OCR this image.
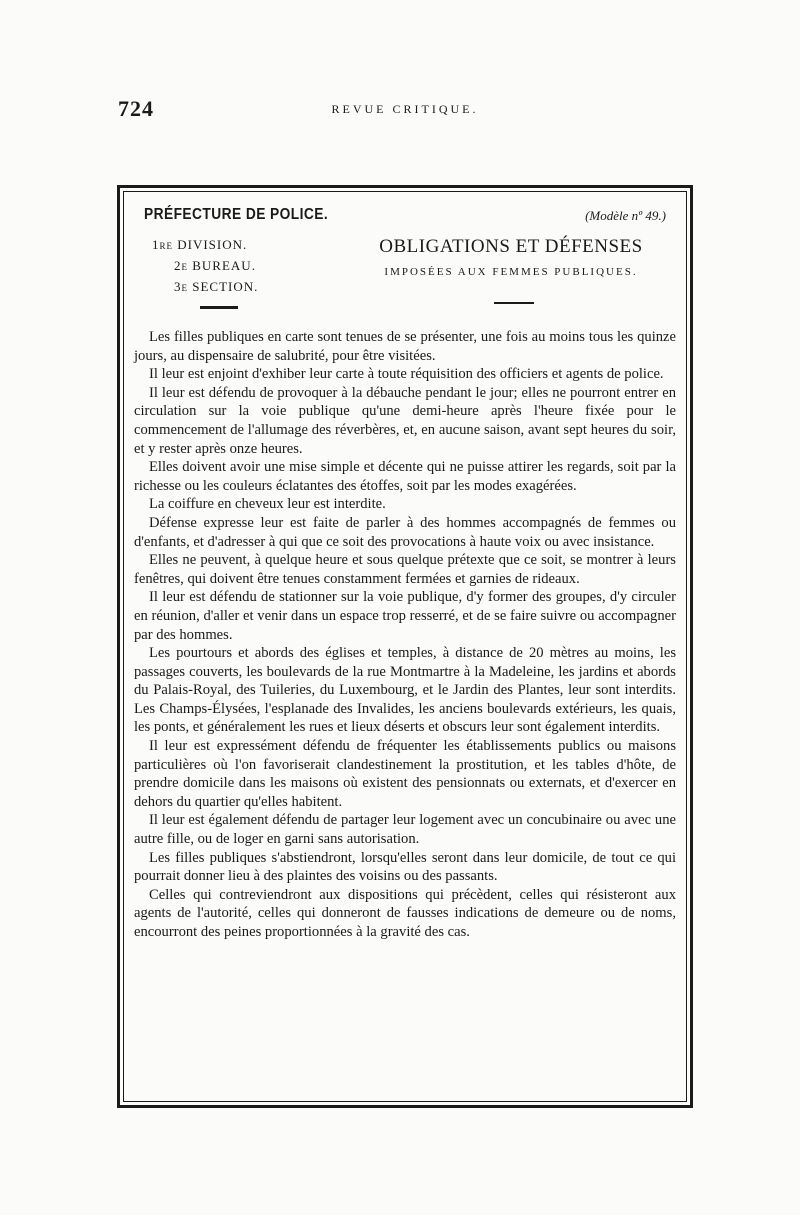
724	REVUE CRITIQUE.
PRÉFECTURE DE POLICE.	(Modèle nº 49.)
1re DIVISION.
2e BUREAU.
3e SECTION.
OBLIGATIONS ET DÉFENSES
IMPOSÉES AUX FEMMES PUBLIQUES.

Les filles publiques en carte sont tenues de se présenter, une fois au moins tous les quinze jours, au dispensaire de salubrité, pour être visitées.

Il leur est enjoint d'exhiber leur carte à toute réquisition des officiers et agents de police.

Il leur est défendu de provoquer à la débauche pendant le jour; elles ne pourront entrer en circulation sur la voie publique qu'une demi-heure après l'heure fixée pour le commencement de l'allumage des réverbères, et, en aucune saison, avant sept heures du soir, et y rester après onze heures.

Elles doivent avoir une mise simple et décente qui ne puisse attirer les regards, soit par la richesse ou les couleurs éclatantes des étoffes, soit par les modes exagérées.

La coiffure en cheveux leur est interdite.

Défense expresse leur est faite de parler à des hommes accompagnés de femmes ou d'enfants, et d'adresser à qui que ce soit des provocations à haute voix ou avec insistance.

Elles ne peuvent, à quelque heure et sous quelque prétexte que ce soit, se montrer à leurs fenêtres, qui doivent être tenues constamment fermées et garnies de rideaux.

Il leur est défendu de stationner sur la voie publique, d'y former des groupes, d'y circuler en réunion, d'aller et venir dans un espace trop resserré, et de se faire suivre ou accompagner par des hommes.

Les pourtours et abords des églises et temples, à distance de 20 mètres au moins, les passages couverts, les boulevards de la rue Montmartre à la Madeleine, les jardins et abords du Palais-Royal, des Tuileries, du Luxembourg, et le Jardin des Plantes, leur sont interdits. Les Champs-Élysées, l'esplanade des Invalides, les anciens boulevards extérieurs, les quais, les ponts, et généralement les rues et lieux déserts et obscurs leur sont également interdits.

Il leur est expressément défendu de fréquenter les établissements publics ou maisons particulières où l'on favoriserait clandestinement la prostitution, et les tables d'hôte, de prendre domicile dans les maisons où existent des pensionnats ou externats, et d'exercer en dehors du quartier qu'elles habitent.

Il leur est également défendu de partager leur logement avec un concubinaire ou avec une autre fille, ou de loger en garni sans autorisation.

Les filles publiques s'abstiendront, lorsqu'elles seront dans leur domicile, de tout ce qui pourrait donner lieu à des plaintes des voisins ou des passants.

Celles qui contreviendront aux dispositions qui précèdent, celles qui résisteront aux agents de l'autorité, celles qui donneront de fausses indications de demeure ou de noms, encourront des peines proportionnées à la gravité des cas.
